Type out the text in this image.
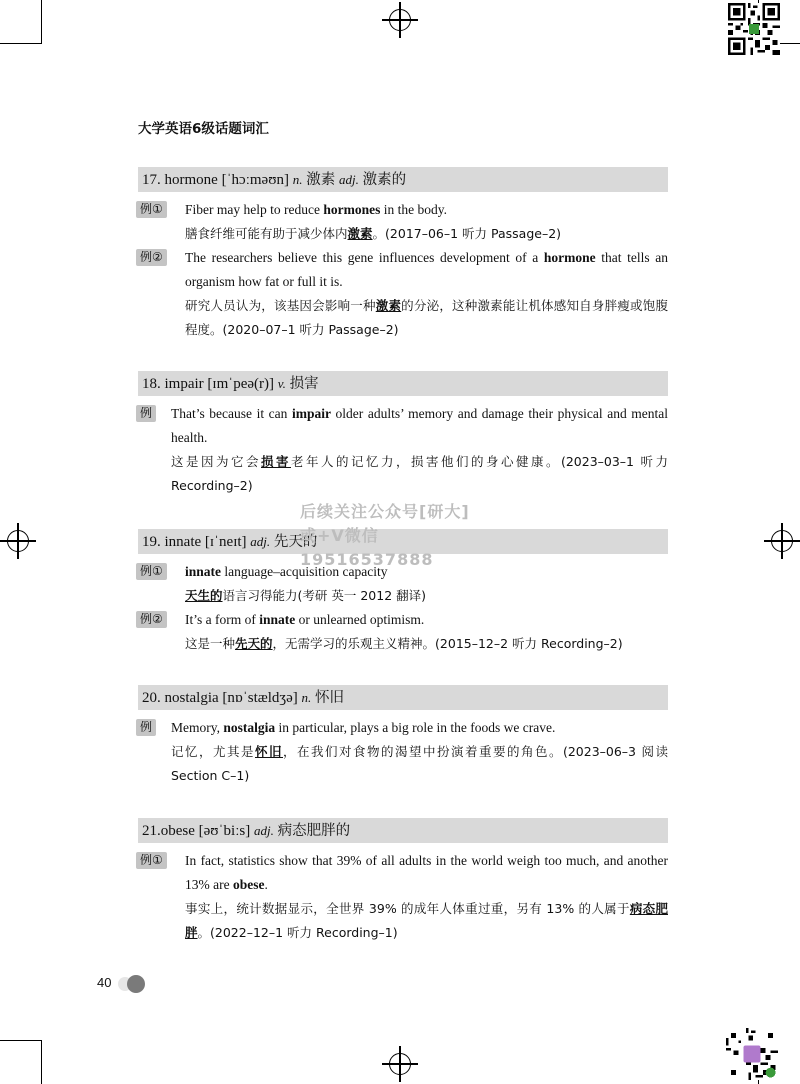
大学英语6级话题词汇
17. hormone [ˈhɔːməʊn] n. 激素 adj. 激素的
例① Fiber may help to reduce hormones in the body.
膳食纤维可能有助于减少体内激素。(2017–06–1 听力 Passage–2)
例② The researchers believe this gene influences development of a hormone that tells an organism how fat or full it is.
研究人员认为，该基因会影响一种激素的分泌，这种激素能让机体感知自身胖瘦或饱腹程度。(2020–07–1 听力 Passage–2)
18. impair [ɪmˈpeə(r)] v. 损害
例 That’s because it can impair older adults’ memory and damage their physical and mental health.
这是因为它会损害老年人的记忆力，损害他们的身心健康。(2023–03–1 听力 Recording–2)
19. innate [ɪˈneɪt] adj. 先天的
例① innate language–acquisition capacity
天生的语言习得能力(考研 英一 2012 翻译)
例② It’s a form of innate or unlearned optimism.
这是一种先天的，无需学习的乐观主义精神。(2015–12–2 听力 Recording–2)
20. nostalgia [nɒˈstældʒə] n. 怀旧
例 Memory, nostalgia in particular, plays a big role in the foods we crave.
记忆，尤其是怀旧，在我们对食物的渴望中扮演着重要的角色。(2023–06–3 阅读 Section C–1)
21.obese [əʊˈbiːs] adj. 病态肥胖的
例① In fact, statistics show that 39% of all adults in the world weigh too much, and another 13% are obese.
事实上，统计数据显示，全世界 39% 的成年人体重过重，另有 13% 的人属于病态肥胖。(2022–12–1 听力 Recording–1)
后续关注公众号[研大]
或+V微信19516537888
40
